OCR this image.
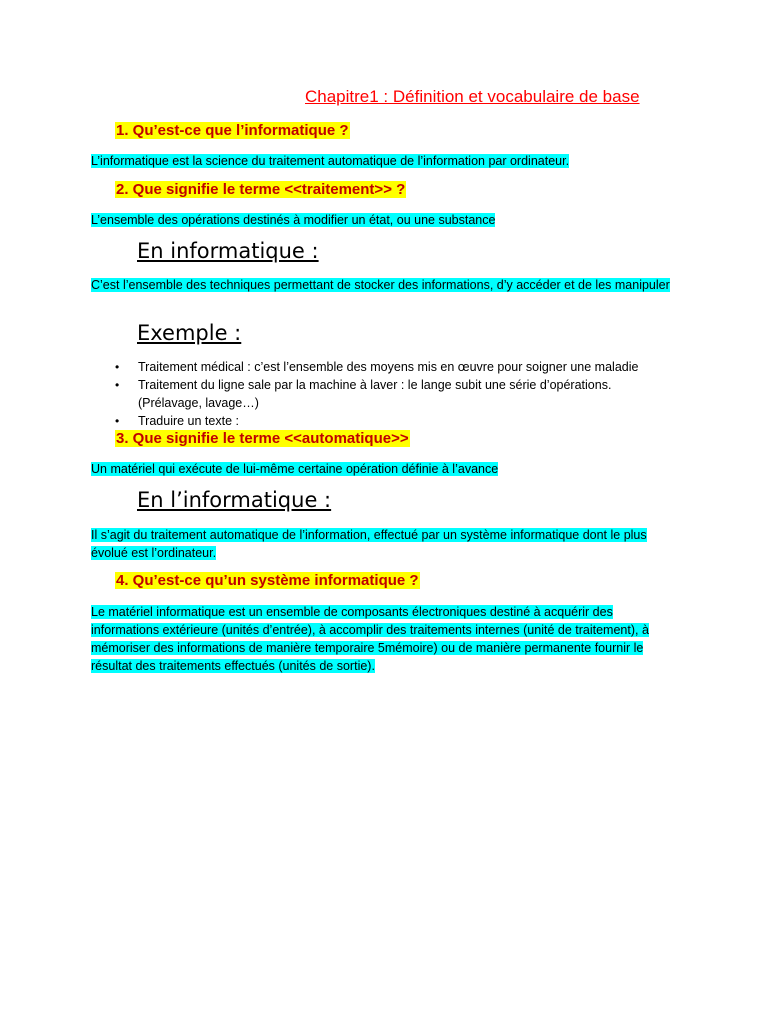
Chapitre1 : Définition et vocabulaire de base
1. Qu’est-ce que l’informatique ?
L’informatique est la science du traitement automatique de l’information par ordinateur.
2. Que signifie le terme <<traitement>> ?
L’ensemble des opérations destinés à modifier un état, ou une substance
En informatique :
C’est l’ensemble des techniques permettant de stocker des informations, d’y accéder et de les manipuler
Exemple :
• Traitement médical : c’est l’ensemble des moyens mis en œuvre pour soigner une maladie
• Traitement du ligne sale par la machine à laver : le lange subit une série d’opérations. (Prélavage, lavage…)
• Traduire un texte :
3. Que signifie le terme <<automatique>>
Un matériel qui exécute de lui-même certaine opération définie à l’avance
En l’informatique :
Il s’agit du traitement automatique de l’information, effectué par un système informatique dont le plus évolué est l’ordinateur.
4. Qu’est-ce qu’un système informatique ?
Le matériel informatique est un ensemble de composants électroniques destiné à acquérir des informations extérieure (unités d’entrée), à accomplir des traitements internes (unité de traitement), à mémoriser des informations de manière temporaire 5mémoire) ou de manière permanente fournir le résultat des traitements effectués (unités de sortie).
